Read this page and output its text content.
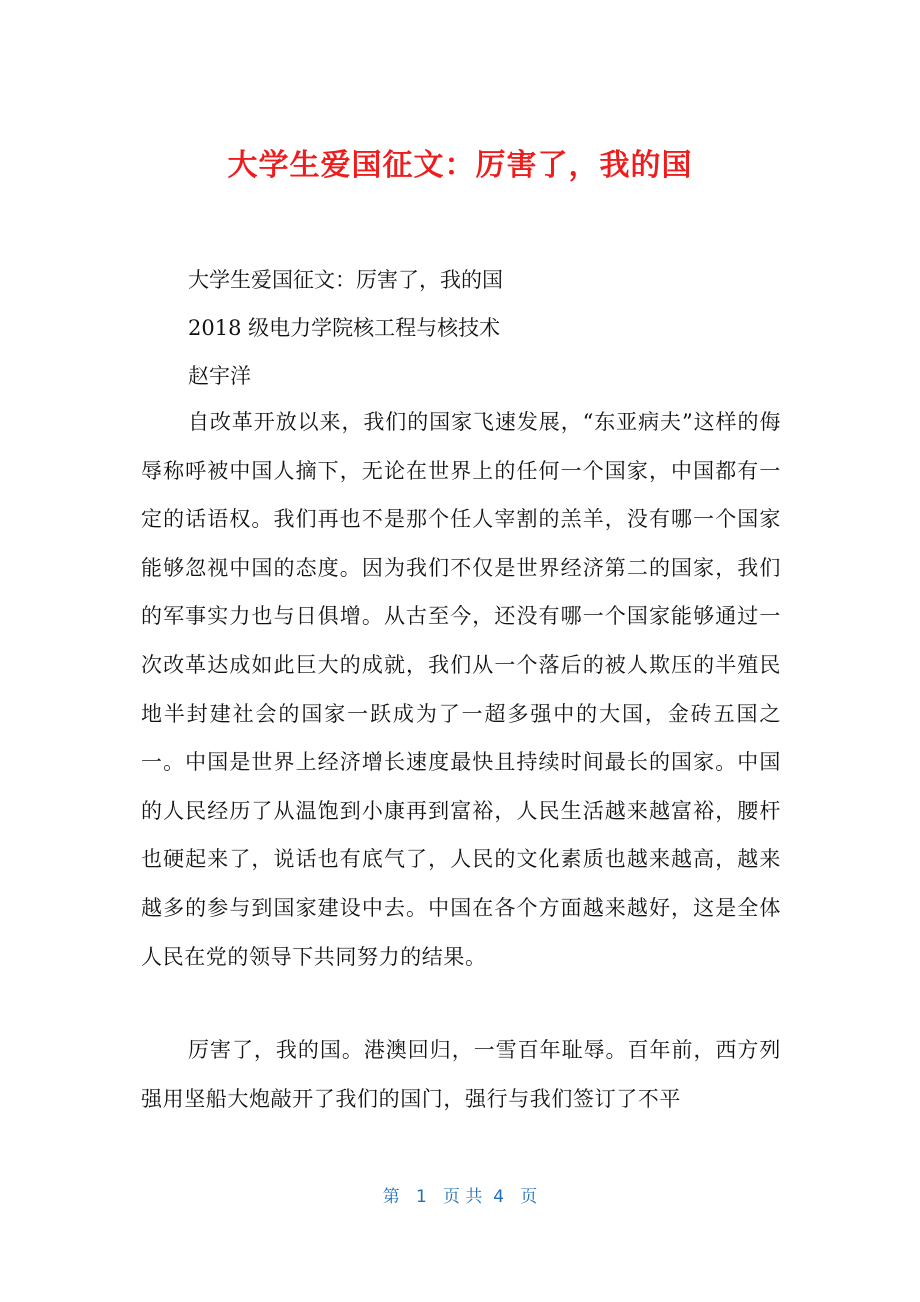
大学生爱国征文：厉害了，我的国
大学生爱国征文：厉害了，我的国
2018 级电力学院核工程与核技术
赵宇洋

自改革开放以来，我们的国家飞速发展，“东亚病夫”这样的侮辱称呼被中国人摘下，无论在世界上的任何一个国家，中国都有一定的话语权。我们再也不是那个任人宰割的羔羊，没有哪一个国家能够忽视中国的态度。因为我们不仅是世界经济第二的国家，我们的军事实力也与日俱增。从古至今，还没有哪一个国家能够通过一次改革达成如此巨大的成就，我们从一个落后的被人欺压的半殖民地半封建社会的国家一跃成为了一超多强中的大国，金砖五国之一。中国是世界上经济增长速度最快且持续时间最长的国家。中国的人民经历了从温饱到小康再到富裕，人民生活越来越富裕，腰杆也硬起来了，说话也有底气了，人民的文化素质也越来越高，越来越多的参与到国家建设中去。中国在各个方面越来越好，这是全体人民在党的领导下共同努力的结果。

厉害了，我的国。港澳回归，一雪百年耻辱。百年前，西方列强用坚船大炮敲开了我们的国门，强行与我们签订了不平

第 1 页 共 4 页
